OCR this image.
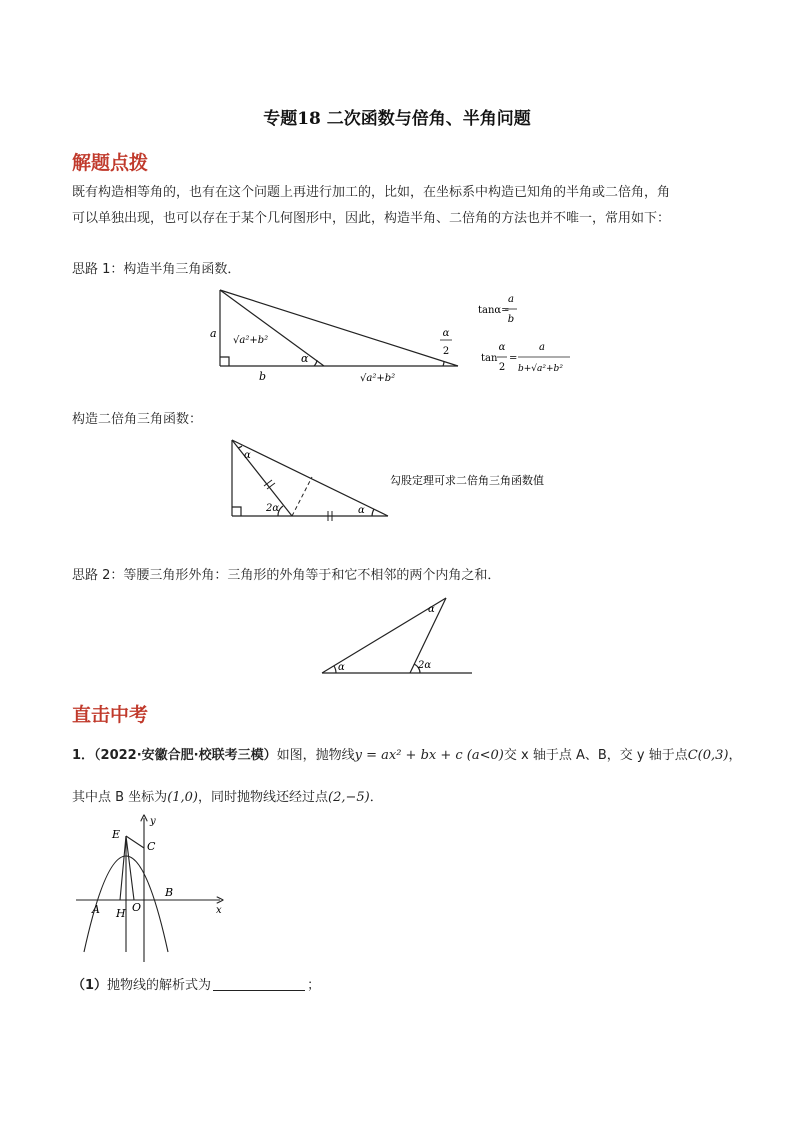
专题18 二次函数与倍角、半角问题
解题点拨
既有构造相等角的，也有在这个问题上再进行加工的，比如，在坐标系中构造已知角的半角或二倍角，角
可以单独出现，也可以存在于某个几何图形中，因此，构造半角、二倍角的方法也并不唯一，常用如下：
思路 1：构造半角三角函数．
a
√a²+b²
α
b	√a²+b²
α
2
tanα=
a
b
tan
α
2
=
a
b+√a²+b²
构造二倍角三角函数：
α
2α	α
勾股定理可求二倍角三角函数值
思路 2：等腰三角形外角：三角形的外角等于和它不相邻的两个内角之和．
α
α	2α
直击中考
1．（2022·安徽合肥·校联考三模）如图，抛物线y = ax² + bx + c (a<0)交 x 轴于点 A、B，交 y 轴于点C(0,3)，
其中点 B 坐标为(1,0)，同时抛物线还经过点(2,−5)．
y
x
E
C
B
A H O
（1）抛物线的解析式为	；
